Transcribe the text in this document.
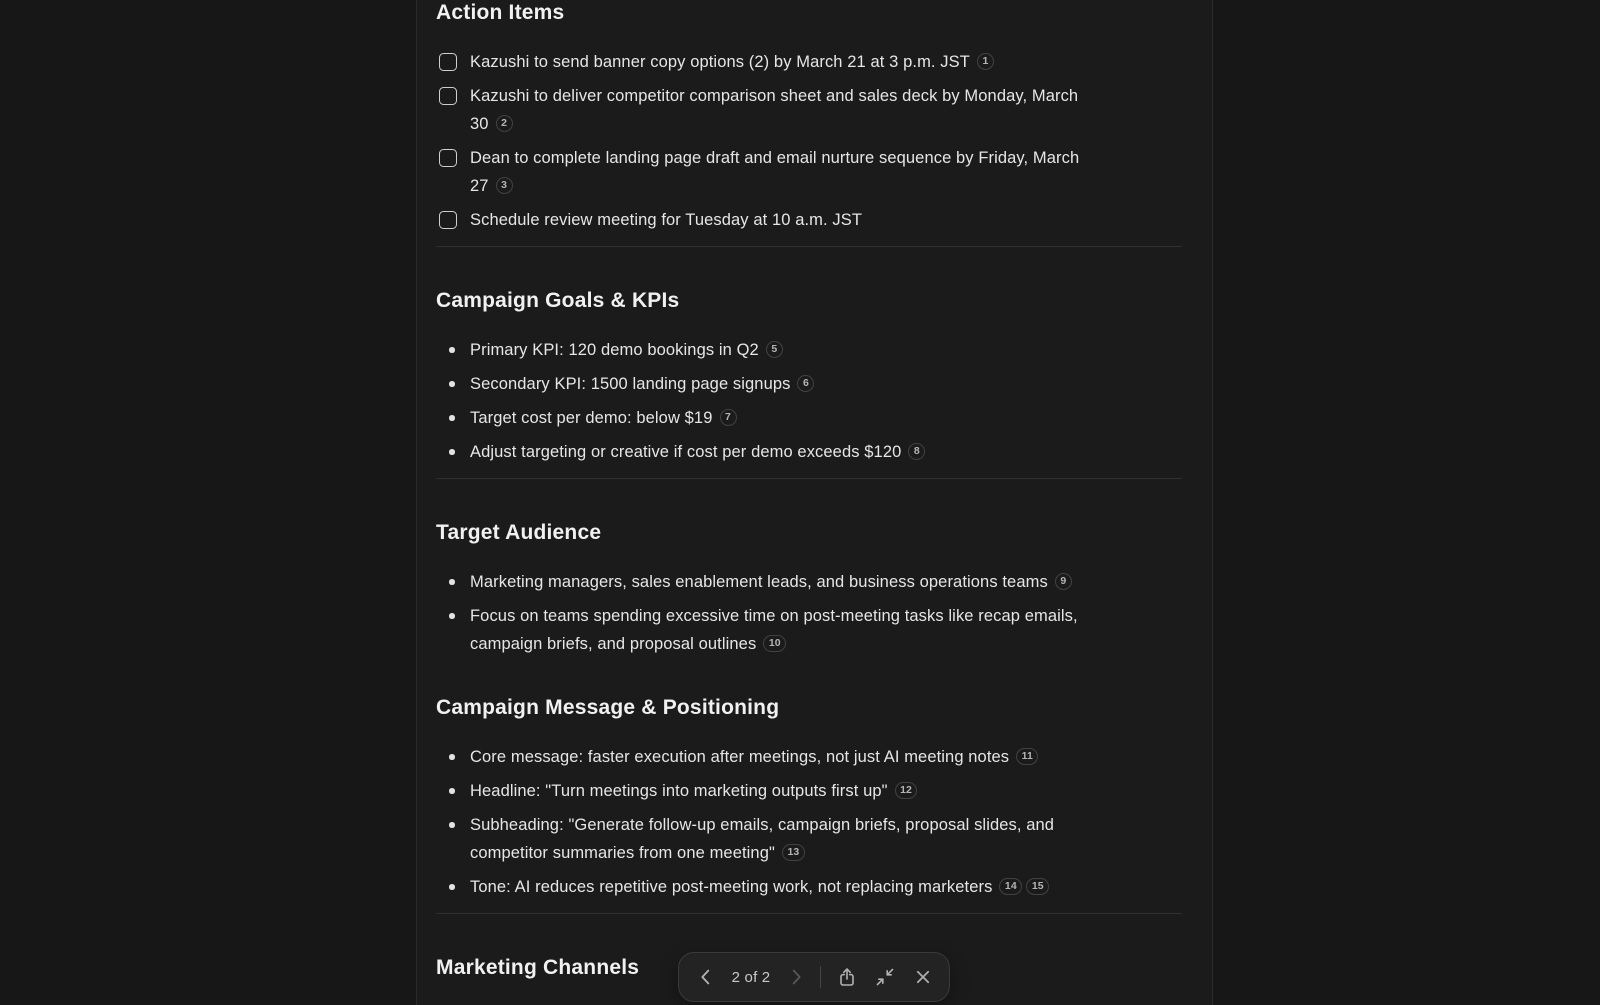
Action Items
Kazushi to send banner copy options (2) by March 21 at 3 p.m. JST 1
Kazushi to deliver competitor comparison sheet and sales deck by Monday, March
30 2
Dean to complete landing page draft and email nurture sequence by Friday, March
27 3
Schedule review meeting for Tuesday at 10 a.m. JST
Campaign Goals & KPIs
Primary KPI: 120 demo bookings in Q2 5
Secondary KPI: 1500 landing page signups 6
Target cost per demo: below $19 7
Adjust targeting or creative if cost per demo exceeds $120 8
Target Audience
Marketing managers, sales enablement leads, and business operations teams 9
Focus on teams spending excessive time on post-meeting tasks like recap emails,
campaign briefs, and proposal outlines 10
Campaign Message & Positioning
Core message: faster execution after meetings, not just AI meeting notes 11
Headline: "Turn meetings into marketing outputs first up" 12
Subheading: "Generate follow-up emails, campaign briefs, proposal slides, and
competitor summaries from one meeting" 13
Tone: AI reduces repetitive post-meeting work, not replacing marketers 14 15
Marketing Channels	2 of 2
